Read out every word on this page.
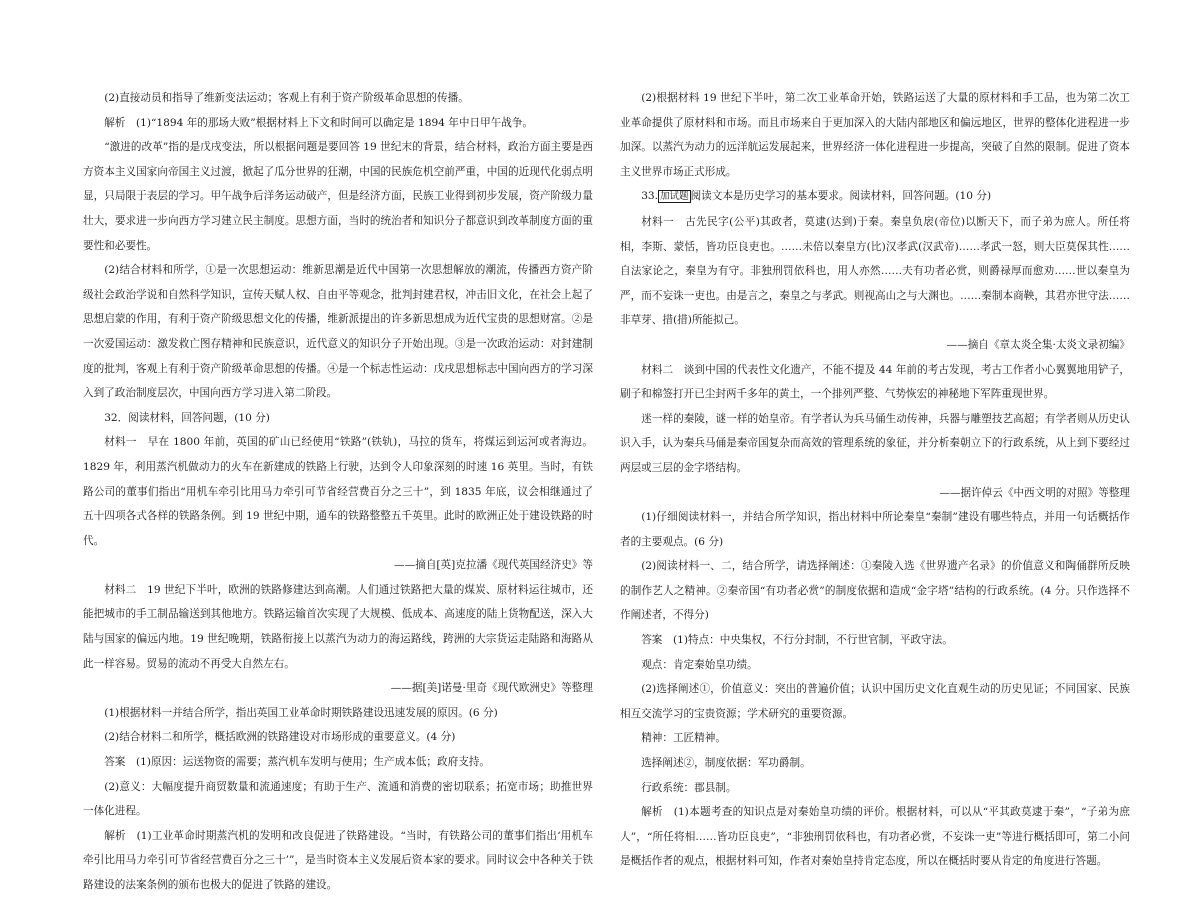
(2)直接动员和指导了维新变法运动；客观上有利于资产阶级革命思想的传播。

解析　(1)“1894 年的那场大败”根据材料上下文和时间可以确定是 1894 年中日甲午战争。

“激进的改革”指的是戊戌变法，所以根据问题是要回答 19 世纪末的背景，结合材料，政治方面主要是西方资本主义国家向帝国主义过渡，掀起了瓜分世界的狂潮，中国的民族危机空前严重，中国的近现代化弱点明显，只局限于表层的学习。甲午战争后洋务运动破产，但是经济方面，民族工业得到初步发展，资产阶级力量壮大，要求进一步向西方学习建立民主制度。思想方面，当时的统治者和知识分子都意识到改革制度方面的重要性和必要性。

(2)结合材料和所学，①是一次思想运动：维新思潮是近代中国第一次思想解放的潮流，传播西方资产阶级社会政治学说和自然科学知识，宣传天赋人权、自由平等观念，批判封建君权，冲击旧文化，在社会上起了思想启蒙的作用，有利于资产阶级思想文化的传播，维新派提出的许多新思想成为近代宝贵的思想财富。②是一次爱国运动：激发救亡图存精神和民族意识，近代意义的知识分子开始出现。③是一次政治运动：对封建制度的批判，客观上有利于资产阶级革命思想的传播。④是一个标志性运动：戊戌思想标志中国向西方的学习深入到了政治制度层次，中国向西方学习进入第二阶段。

32．阅读材料，回答问题，(10 分)

材料一　早在 1800 年前，英国的矿山已经使用“铁路”(铁轨)，马拉的货车，将煤运到运河或者海边。1829 年，利用蒸汽机做动力的火车在新建成的铁路上行驶，达到令人印象深刻的时速 16 英里。当时，有铁路公司的董事们指出“用机车牵引比用马力牵引可节省经营费百分之三十”，到 1835 年底，议会相继通过了五十四项各式各样的铁路条例。到 19 世纪中期，通车的铁路整整五千英里。此时的欧洲正处于建设铁路的时代。

——摘自[英]克拉潘《现代英国经济史》等

材料二　19 世纪下半叶，欧洲的铁路修建达到高潮。人们通过铁路把大量的煤炭、原材料运往城市，还能把城市的手工制品输送到其他地方。铁路运输首次实现了大规模、低成本、高速度的陆上货物配送，深入大陆与国家的偏远内地。19 世纪晚期，铁路衔接上以蒸汽为动力的海运路线，跨洲的大宗货运走陆路和海路从此一样容易。贸易的流动不再受大自然左右。

——据[美]诺曼·里奇《现代欧洲史》等整理

(1)根据材料一并结合所学，指出英国工业革命时期铁路建设迅速发展的原因。(6 分)

(2)结合材料二和所学，概括欧洲的铁路建设对市场形成的重要意义。(4 分)

答案　(1)原因：运送物资的需要；蒸汽机车发明与使用；生产成本低；政府支持。

(2)意义：大幅度提升商贸数量和流通速度；有助于生产、流通和消费的密切联系；拓宽市场；助推世界一体化进程。

解析　(1)工业革命时期蒸汽机的发明和改良促进了铁路建设。“当时，有铁路公司的董事们指出‘用机车牵引比用马力牵引可节省经营费百分之三十’”，是当时资本主义发展后资本家的要求。同时议会中各种关于铁路建设的法案条例的颁布也极大的促进了铁路的建设。

(2)根据材料 19 世纪下半叶，第二次工业革命开始，铁路运送了大量的原材料和手工品，也为第二次工业革命提供了原材料和市场。而且市场来自于更加深入的大陆内部地区和偏远地区，世界的整体化进程进一步加深。以蒸汽为动力的远洋航运发展起来，世界经济一体化进程进一步提高，突破了自然的限制。促进了资本主义世界市场正式形成。

33. 加试题 阅读文本是历史学习的基本要求。阅读材料，回答问题。(10 分)

材料一　古先民字(公平)其政者，莫逮(达到)于秦。秦皇负扆(帝位)以断天下，而子弟为庶人。所任将相，李斯、蒙恬，皆功臣良吏也。……未倍以秦皇方(比)汉孝武(汉武帝)……孝武一怒，则大臣莫保其性……自法家论之，秦皇为有守。非独刑罚依科也，用人亦然……夫有功者必赏，则爵禄厚而愈劝……世以秦皇为严，而不妄诛一吏也。由是言之，秦皇之与孝武。则视高山之与大渊也。……秦制本商鞅，其君亦世守法……非草芽、措(措)所能拟己。

——摘自《章太炎全集·太炎文录初编》

材料二　谈到中国的代表性文化遗产，不能不提及 44 年前的考古发现，考古工作者小心翼翼地用铲子，刷子和棉签打开已尘封两千多年的黄土，一个排列严整、气势恢宏的神秘地下军阵重现世界。

迷一样的秦陵，谜一样的始皇帝。有学者认为兵马俑生动传神，兵器与雕塑技艺高超；有学者则从历史认识入手，认为秦兵马俑是秦帝国复杂而高效的管理系统的象征，并分析秦朝立下的行政系统，从上到下要经过两层或三层的金字塔结构。

——据许倬云《中西文明的对照》等整理

(1)仔细阅读材料一，并结合所学知识，指出材料中所论秦皇“秦制”建设有哪些特点，并用一句话概括作者的主要观点。(6 分)

(2)阅读材料一、二，结合所学，请选择阐述：①秦陵入选《世界遗产名录》的价值意义和陶俑群所反映的制作艺人之精神。②秦帝国“有功者必赏”的制度依据和造成“金字塔”结构的行政系统。(4 分。只作选择不作阐述者，不得分)

答案　(1)特点：中央集权，不行分封制，不行世官制，平政守法。

观点：肯定秦始皇功绩。

(2)选择阐述①，价值意义：突出的普遍价值；认识中国历史文化直观生动的历史见证；不同国家、民族相互交流学习的宝贵资源；学术研究的重要资源。

精神：工匠精神。

选择阐述②，制度依据：军功爵制。

行政系统：郡县制。

解析　(1)本题考查的知识点是对秦始皇功绩的评价。根据材料，可以从“平其政莫逮于秦”，“子弟为庶人”，“所任将相……皆功臣良吏”，“非独刑罚依科也，有功者必赏，不妄诛一吏”等进行概括即可，第二小问是概括作者的观点，根据材料可知，作者对秦始皇持肯定态度，所以在概括时要从肯定的角度进行答题。
